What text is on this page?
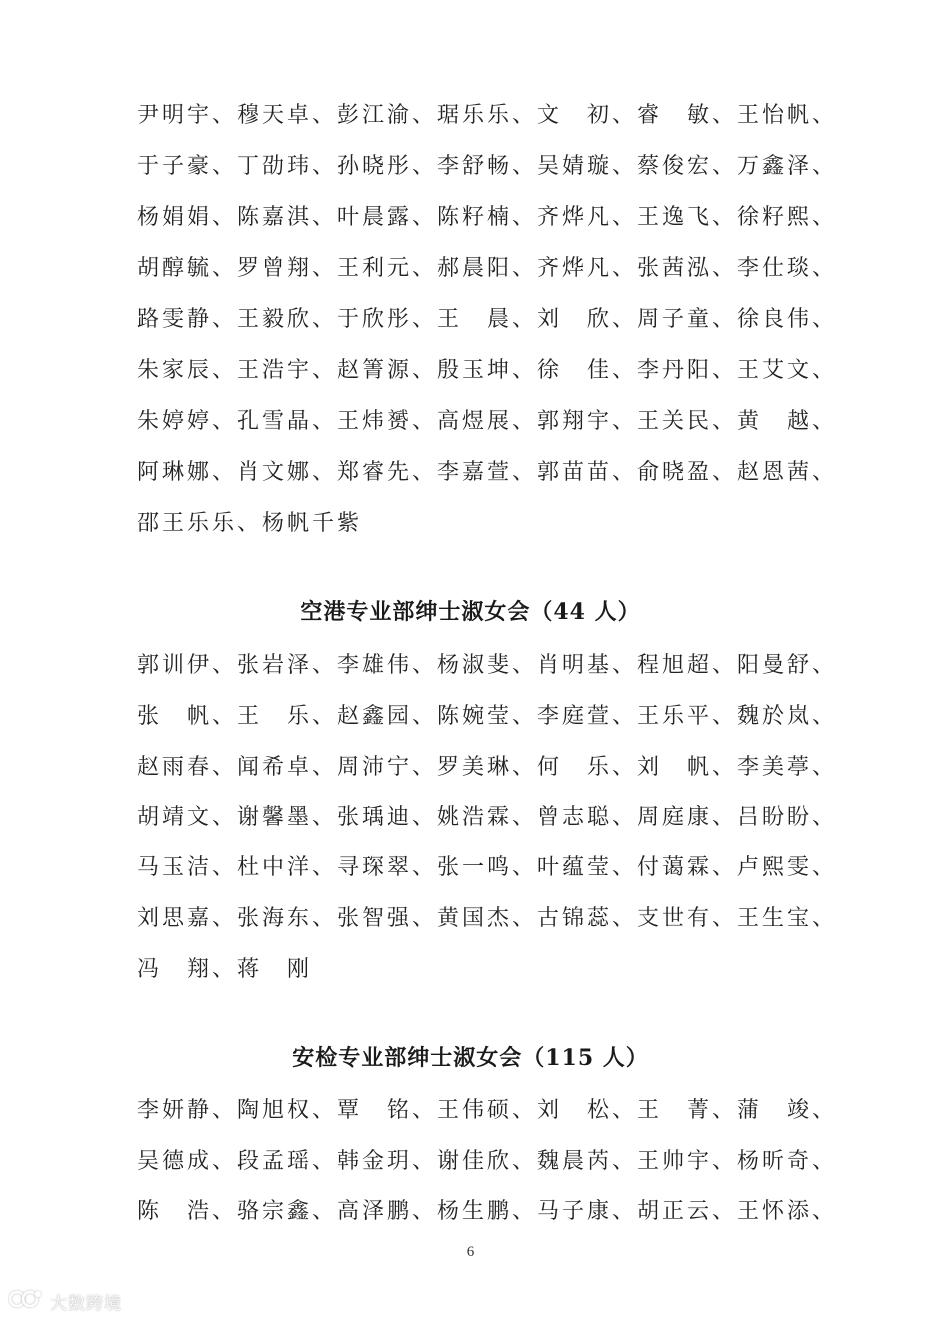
尹明宇、穆天卓、彭江渝、琚乐乐、文　初、睿　敏、王怡帆、
于子豪、丁劭玮、孙晓彤、李舒畅、吴婧璇、蔡俊宏、万鑫泽、
杨娟娟、陈嘉淇、叶晨露、陈籽楠、齐烨凡、王逸飞、徐籽熙、
胡醇毓、罗曾翔、王利元、郝晨阳、齐烨凡、张茜泓、李仕琰、
路雯静、王毅欣、于欣彤、王　晨、刘　欣、周子童、徐良伟、
朱家辰、王浩宇、赵箐源、殷玉坤、徐　佳、李丹阳、王艾文、
朱婷婷、孔雪晶、王炜赟、高煜展、郭翔宇、王关民、黄　越、
阿琳娜、肖文娜、郑睿先、李嘉萱、郭苗苗、俞晓盈、赵恩茜、
邵王乐乐、杨帆千紫
空港专业部绅士淑女会（44 人）
郭训伊、张岩泽、李雄伟、杨淑斐、肖明基、程旭超、阳曼舒、
张　帆、王　乐、赵鑫园、陈婉莹、李庭萱、王乐平、魏於岚、
赵雨春、闻希卓、周沛宁、罗美琳、何　乐、刘　帆、李美葶、
胡靖文、谢馨墨、张瑀迪、姚浩霖、曾志聪、周庭康、吕盼盼、
马玉洁、杜中洋、寻琛翠、张一鸣、叶蕴莹、付蔼霖、卢熙雯、
刘思嘉、张海东、张智强、黄国杰、古锦蕊、支世有、王生宝、
冯　翔、蒋　刚
安检专业部绅士淑女会（115 人）
李妍静、陶旭权、覃　铭、王伟硕、刘　松、王　菁、蒲　竣、
吴德成、段孟瑶、韩金玥、谢佳欣、魏晨芮、王帅宇、杨昕奇、
陈　浩、骆宗鑫、高泽鹏、杨生鹏、马子康、胡正云、王怀添、
6
大数跨境
